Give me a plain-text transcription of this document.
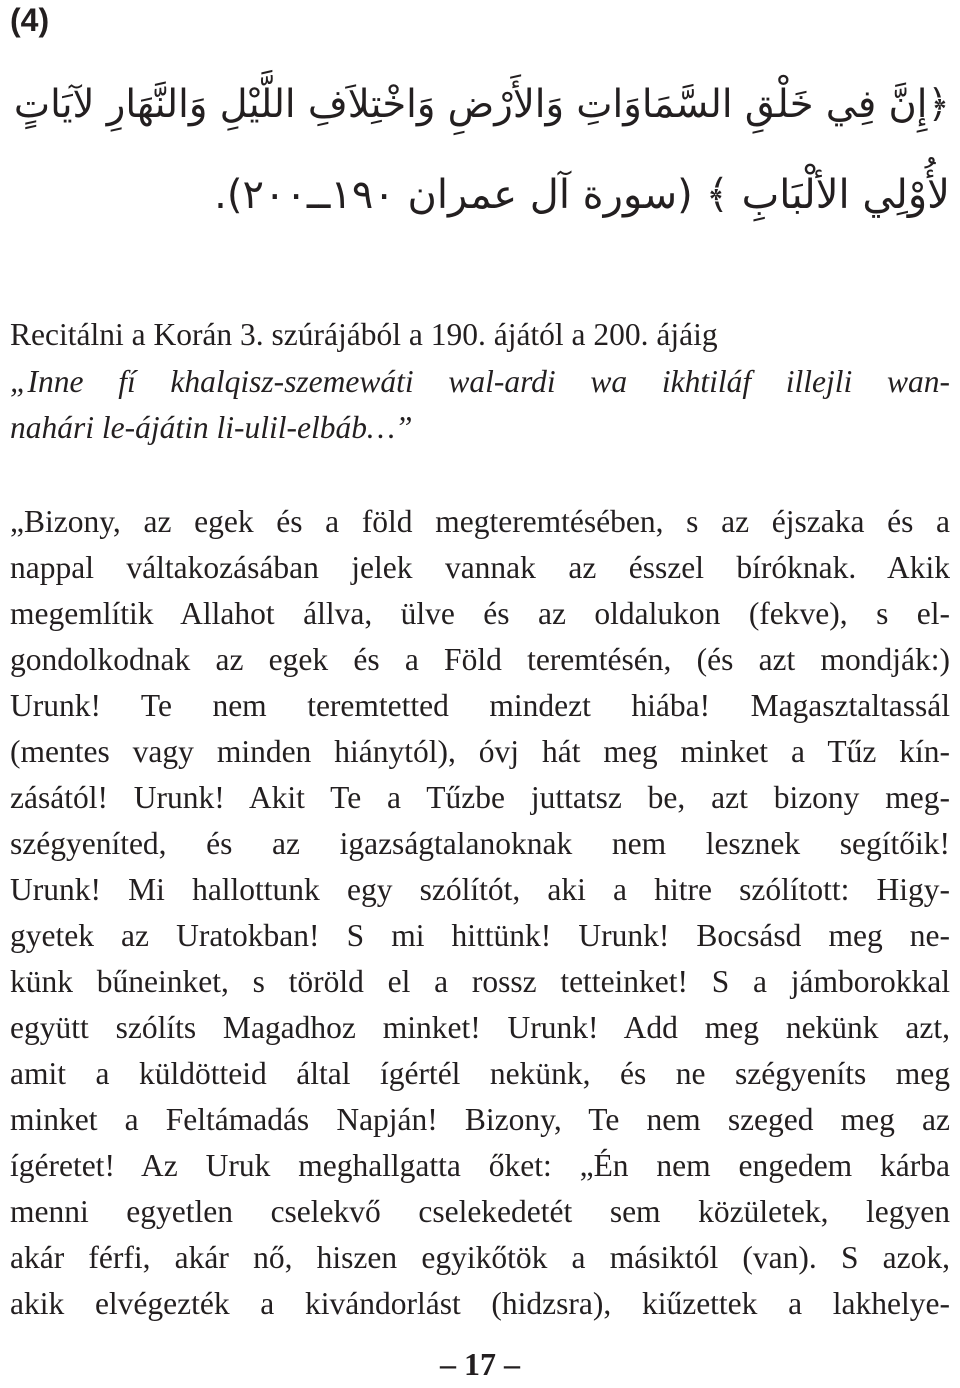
(4)
﴿إِنَّ فِي خَلْقِ السَّمَاوَاتِ وَالأَرْضِ وَاخْتِلاَفِ اللَّيْلِ وَالنَّهَارِ لآيَاتٍ
لأُوْلِي الألْبَابِ ﴾ (سورة آل عمران ١٩٠ــ٢٠٠).
Recitálni a Korán 3. szúrájából a 190. ájától a 200. ájáig
„Inne fí khalqisz-szemewáti wal-ardi wa ikhtiláf illejli wan-
nahári le-ájátin li-ulil-elbáb…”
„Bizony, az egek és a föld megteremtésében, s az éjszaka és a
nappal váltakozásában jelek vannak az ésszel bíróknak. Akik
megemlítik Allahot állva, ülve és az oldalukon (fekve), s el-
gondolkodnak az egek és a Föld teremtésén, (és azt mondják:)
Urunk! Te nem teremtetted mindezt hiába! Magasztaltassál
(mentes vagy minden hiánytól), óvj hát meg minket a Tűz kín-
zásától! Urunk! Akit Te a Tűzbe juttatsz be, azt bizony meg-
szégyeníted, és az igazságtalanoknak nem lesznek segítőik!
Urunk! Mi hallottunk egy szólítót, aki a hitre szólított: Higy-
gyetek az Uratokban! S mi hittünk! Urunk! Bocsásd meg ne-
künk bűneinket, s töröld el a rossz tetteinket! S a jámborokkal
együtt szólíts Magadhoz minket! Urunk! Add meg nekünk azt,
amit a küldötteid által ígértél nekünk, és ne szégyeníts meg
minket a Feltámadás Napján! Bizony, Te nem szeged meg az
ígéretet! Az Uruk meghallgatta őket: „Én nem engedem kárba
menni egyetlen cselekvő cselekedetét sem közületek, legyen
akár férfi, akár nő, hiszen egyikőtök a másiktól (van). S azok,
akik elvégezték a kivándorlást (hidzsra), kiűzettek a lakhelye-
– 17 –
